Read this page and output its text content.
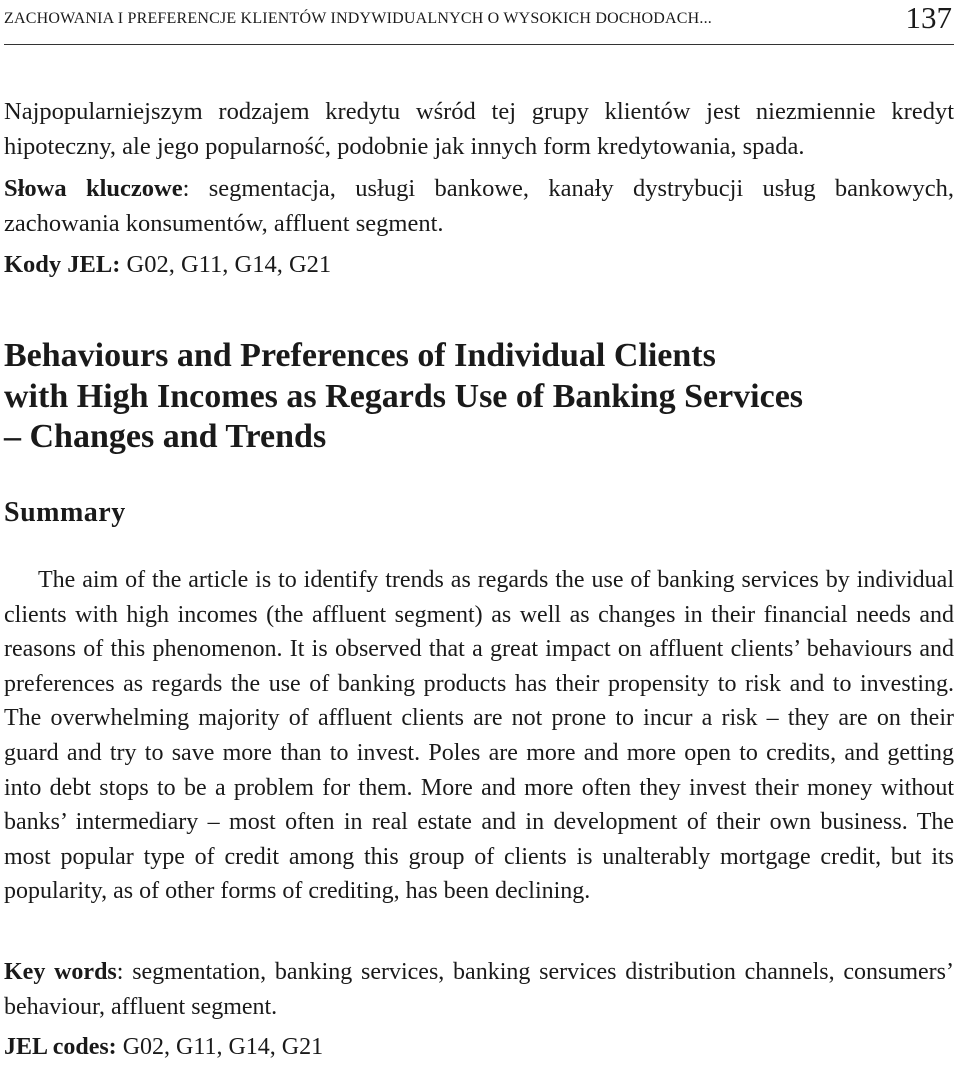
ZACHOWANIA I PREFERENCJE KLIENTÓW INDYWIDUALNYCH O WYSOKICH DOCHODACH...	137

Najpopularniejszym rodzajem kredytu wśród tej grupy klientów jest niezmiennie kredyt hipoteczny, ale jego popularność, podobnie jak innych form kredytowania, spada.

Słowa kluczowe: segmentacja, usługi bankowe, kanały dystrybucji usług bankowych, zachowania konsumentów, affluent segment.

Kody JEL: G02, G11, G14, G21

Behaviours and Preferences of Individual Clients
with High Incomes as Regards Use of Banking Services
– Changes and Trends
Summary

The aim of the article is to identify trends as regards the use of banking services by individual clients with high incomes (the affluent segment) as well as changes in their financial needs and reasons of this phenomenon. It is observed that a great impact on affluent clients’ behaviours and preferences as regards the use of banking products has their propensity to risk and to investing. The overwhelming majority of affluent clients are not prone to incur a risk – they are on their guard and try to save more than to invest. Poles are more and more open to credits, and getting into debt stops to be a problem for them. More and more often they invest their money without banks’ intermediary – most often in real estate and in development of their own business. The most popular type of credit among this group of clients is unalterably mortgage credit, but its popularity, as of other forms of crediting, has been declining.

Key words: segmentation, banking services, banking services distribution channels, consumers’ behaviour, affluent segment.

JEL codes: G02, G11, G14, G21
